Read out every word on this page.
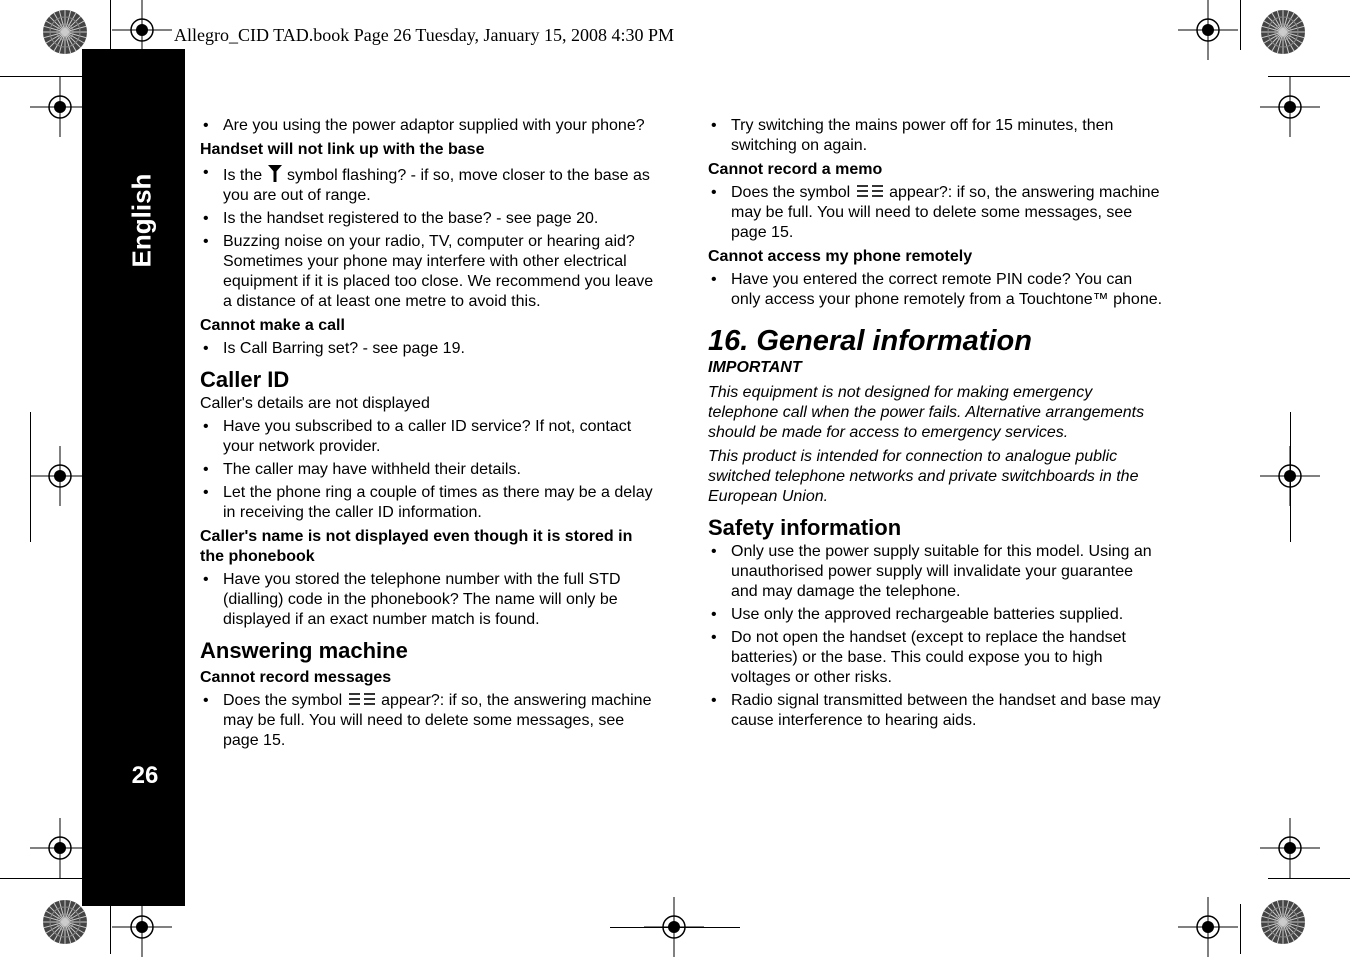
English
26
Allegro_CID TAD.book Page 26 Tuesday, January 15, 2008 4:30 PM
• Are you using the power adaptor supplied with your phone?
Handset will not link up with the base
• Is the symbol flashing? - if so, move closer to the base as you are out of range.
• Is the handset registered to the base? - see page 20.
• Buzzing noise on your radio, TV, computer or hearing aid? Sometimes your phone may interfere with other electrical equipment if it is placed too close. We recommend you leave a distance of at least one metre to avoid this.
Cannot make a call
• Is Call Barring set? - see page 19.
Caller ID
Caller's details are not displayed
• Have you subscribed to a caller ID service? If not, contact your network provider.
• The caller may have withheld their details.
• Let the phone ring a couple of times as there may be a delay in receiving the caller ID information.
Caller's name is not displayed even though it is stored in the phonebook
• Have you stored the telephone number with the full STD (dialling) code in the phonebook? The name will only be displayed if an exact number match is found.
Answering machine
Cannot record messages
• Does the symbol appear?: if so, the answering machine may be full. You will need to delete some messages, see page 15.
• Try switching the mains power off for 15 minutes, then switching on again.
Cannot record a memo
• Does the symbol appear?: if so, the answering machine may be full. You will need to delete some messages, see page 15.
Cannot access my phone remotely
• Have you entered the correct remote PIN code? You can only access your phone remotely from a Touchtone™ phone.
16. General information
IMPORTANT
This equipment is not designed for making emergency telephone call when the power fails. Alternative arrangements should be made for access to emergency services.
This product is intended for connection to analogue public switched telephone networks and private switchboards in the European Union.
Safety information
• Only use the power supply suitable for this model. Using an unauthorised power supply will invalidate your guarantee and may damage the telephone.
• Use only the approved rechargeable batteries supplied.
• Do not open the handset (except to replace the handset batteries) or the base. This could expose you to high voltages or other risks.
• Radio signal transmitted between the handset and base may cause interference to hearing aids.
